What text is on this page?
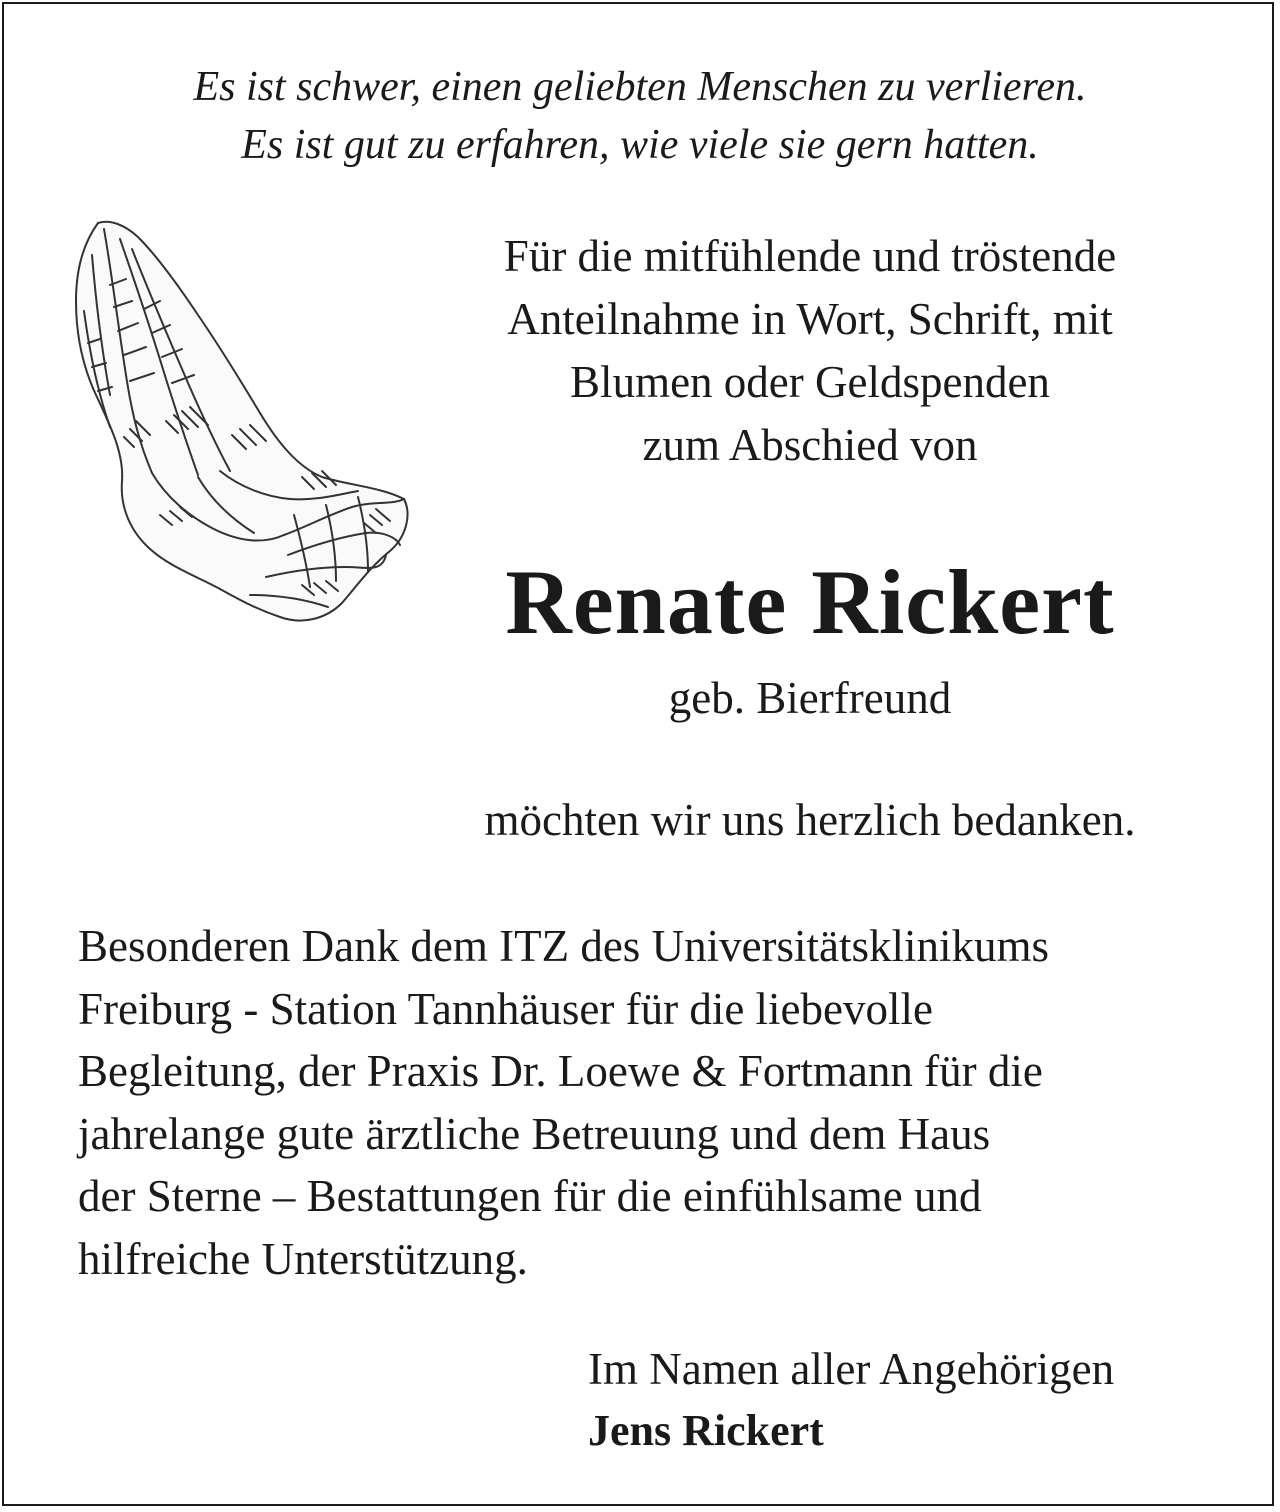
Es ist schwer, einen geliebten Menschen zu verlieren.
Es ist gut zu erfahren, wie viele sie gern hatten.
Für die mitfühlende und tröstende
Anteilnahme in Wort, Schrift, mit
Blumen oder Geldspenden
zum Abschied von
Renate Rickert
geb. Bierfreund
möchten wir uns herzlich bedanken.
Besonderen Dank dem ITZ des Universitätsklinikums
Freiburg - Station Tannhäuser für die liebevolle
Begleitung, der Praxis Dr. Loewe & Fortmann für die
jahrelange gute ärztliche Betreuung und dem Haus
der Sterne – Bestattungen für die einfühlsame und
hilfreiche Unterstützung.
Im Namen aller Angehörigen
Jens Rickert
